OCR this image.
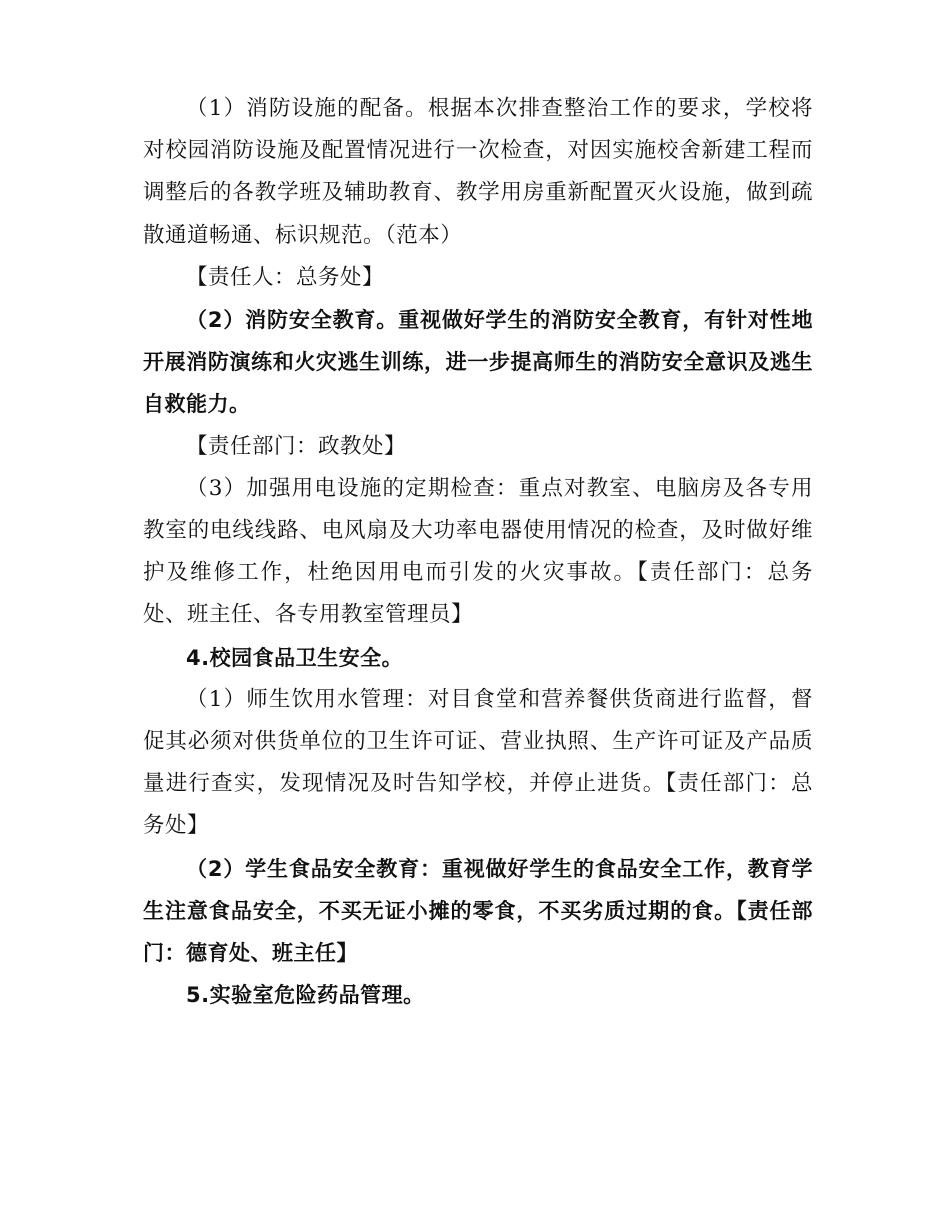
（1）消防设施的配备。根据本次排查整治工作的要求，学校将对校园消防设施及配置情况进行一次检查，对因实施校舍新建工程而调整后的各教学班及辅助教育、教学用房重新配置灭火设施，做到疏散通道畅通、标识规范。（范本）

【责任人：总务处】

（2）消防安全教育。重视做好学生的消防安全教育，有针对性地开展消防演练和火灾逃生训练，进一步提高师生的消防安全意识及逃生自救能力。

【责任部门：政教处】

（3）加强用电设施的定期检查：重点对教室、电脑房及各专用教室的电线线路、电风扇及大功率电器使用情况的检查，及时做好维护及维修工作，杜绝因用电而引发的火灾事故。【责任部门：总务处、班主任、各专用教室管理员】

4.校园食品卫生安全。

（1）师生饮用水管理：对目食堂和营养餐供货商进行监督，督促其必须对供货单位的卫生许可证、营业执照、生产许可证及产品质量进行查实，发现情况及时告知学校，并停止进货。【责任部门：总务处】

（2）学生食品安全教育：重视做好学生的食品安全工作，教育学生注意食品安全，不买无证小摊的零食，不买劣质过期的食。【责任部门：德育处、班主任】

5.实验室危险药品管理。
